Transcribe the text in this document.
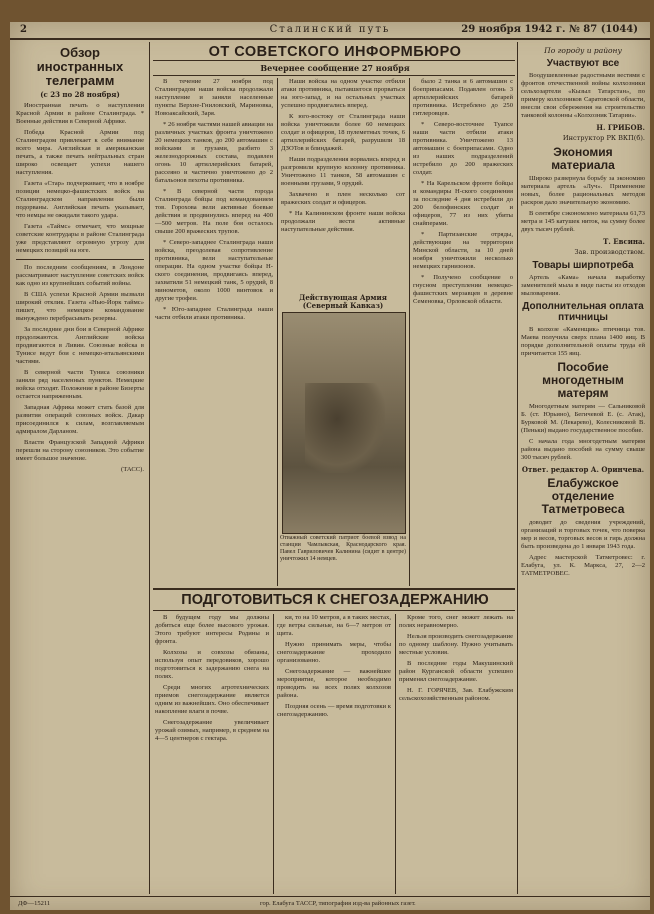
2	Сталинский путь	29 ноября 1942 г. № 87 (1044)
Обзор иностранных телеграмм
(с 23 по 28 ноября)

Иностранная печать о наступлении Красной Армии в районе Сталинграда. * Военные действия в Северной Африке.

Победа Красной Армии под Сталинградом привлекает к себе внимание всего мира. Английская и американская печать, а также печать нейтральных стран широко освещает успехи нашего наступления.

Газета «Стар» подчеркивает, что в ноябре позиции немецко-фашистских войск на Сталинградском направлении были подорваны. Английская печать указывает, что немцы не ожидали такого удара.

Газета «Таймс» отмечает, что мощные советские контрудары в районе Сталинграда уже представляют огромную угрозу для немецких позиций на юге.

По последним сообщениям, в Лондоне рассматривают наступление советских войск как одно из крупнейших событий войны.

В США успехи Красной Армии вызвали широкий отклик. Газета «Нью-Йорк таймс» пишет, что немецкое командование вынуждено перебрасывать резервы.

За последние дни бои в Северной Африке продолжаются. Английские войска продвигаются в Ливии. Союзные войска в Тунисе ведут бои с немецко-итальянскими частями.

В северной части Туниса союзники заняли ряд населенных пунктов. Немецкие войска отходят. Положение в районе Бизерты остается напряженным.

Западная Африка может стать базой для развития операций союзных войск. Дакар присоединился к силам, возглавляемым адмиралом Дарланом.

Власти Французской Западной Африки перешли на сторону союзников. Это событие имеет большое значение.

(ТАСС).

ОТ СОВЕТСКОГО ИНФОРМБЮРО
Вечернее сообщение 27 ноября

В течение 27 ноября под Сталинградом наши войска продолжали наступление и заняли населенные пункты Верхне-Гниловский, Мариновка, Новоаксайский, Заря.

* 26 ноября частями нашей авиации на различных участках фронта уничтожено 20 немецких танков, до 200 автомашин с войсками и грузами, разбито 3 железнодорожных состава, подавлен огонь 10 артиллерийских батарей, рассеяно и частично уничтожено до 2 батальонов пехоты противника.

* В северной части города Сталинграда бойцы под командованием тов. Горохова вели активные боевые действия и продвинулись вперед на 400—500 метров. На поле боя осталось свыше 200 вражеских трупов.

* Северо-западнее Сталинграда наши войска, преодолевая сопротивление противника, вели наступательные операции. На одном участке бойцы Н-ского соединения, продвигаясь вперед, захватили 51 немецкий танк, 5 орудий, 8 минометов, около 1000 винтовок и другие трофеи.

* Юго-западнее Сталинграда наши части отбили атаки противника.

Наши войска на одном участке отбили атаки противника, пытавшегося прорваться на юго-запад, и на остальных участках успешно продвигались вперед.

К юго-востоку от Сталинграда наши войска уничтожили более 60 немецких солдат и офицеров, 18 пулеметных точек, 6 артиллерийских батарей, разрушили 18 ДЗОТов и блиндажей.

Наши подразделения ворвались вперед и разгромили крупную колонну противника. Уничтожено 11 танков, 58 автомашин с военными грузами, 9 орудий.

Захвачено в плен несколько сот вражеских солдат и офицеров.

* На Калининском фронте наши войска продолжали вести активные наступательные действия.

было 2 танка и 6 автомашин с боеприпасами. Подавлен огонь 3 артиллерийских батарей противника. Истреблено до 250 гитлеровцев.

* Северо-восточнее Туапсе наши части отбили атаки противника. Уничтожено 13 автомашин с боеприпасами. Одно из наших подразделений истребило до 200 вражеских солдат.

* На Карельском фронте бойцы и командиры Н-ского соединения за последние 4 дня истребили до 200 белофинских солдат и офицеров, 77 из них убиты снайперами.

* Партизанские отряды, действующие на территории Минской области, за 10 дней ноября уничтожили несколько немецких гарнизонов.

* Получено сообщение о гнусном преступлении немецко-фашистских мерзавцев в деревне Семеновка, Орловской области.

Действующая Армия (Северный Кавказ)
Отважный советский патриот боевой взвод на станции Чамлыкская, Краснодарского края. Павел Гавриловичев Калинина (сидит в центре) уничтожил 14 немцев.
ПОДГОТОВИТЬСЯ К СНЕГОЗАДЕРЖАНИЮ

В будущем году мы должны добиться еще более высокого урожая. Этого требуют интересы Родины и фронта.

Колхозы и совхозы обязаны, используя опыт передовиков, хорошо подготовиться к задержанию снега на полях.

Среди многих агротехнических приемов снегозадержание является одним из важнейших. Оно обеспечивает накопление влаги в почве.

Снегозадержание увеличивает урожай озимых, например, в среднем на 4—5 центнеров с гектара.

ки, то на 10 метров, а в таких местах, где ветры сильные, на 6—7 метров от щита.

Нужно принимать меры, чтобы снегозадержание проходило организованно.

Снегозадержание — важнейшее мероприятие, которое необходимо проводить на всех полях колхозов района.

Поздняя осень — время подготовки к снегозадержанию.

Кроме того, снег может лежать на полях неравномерно.

Нельзя производить снегозадержание по одному шаблону. Нужно учитывать местные условия.

В последние годы Макушинский район Курганской области успешно применял снегозадержание.

Н. Г. ГОРЯЧЕВ, Зав. Елабужским сельскохозяйственным районом.

По городу и району
Участвуют все

Воодушевленные радостными вестями с фронтов отечественной войны колхозники сельхозартели «Кызыл Татарстан», по примеру колхозников Саратовской области, внесли свои сбережения на строительство танковой колонны «Колхозник Татарии».

Н. ГРИБОВ.
Инструктор РК ВКП(б).
Экономия материала

Широко развернула борьбу за экономию материала артель «Луч». Применение новых, более рациональных методов раскроя дало значительную экономию.

В сентябре сэкономлено материала 61,73 метра и 145 катушек ниток, на сумму более двух тысяч рублей.

Т. Евсина.
Зав. производством.
Товары ширпотреба

Артель «Кама» начала выработку заменителей мыла в виде пасты из отходов мыловарения.

Дополнительная оплата птичницы

В колхозе «Каменщик» птичница тов. Маева получила сверх плана 1400 яиц. В порядке дополнительной оплаты труда ей причитается 155 яиц.

Пособие многодетным матерям

Многодетным матерям — Сальниковой Б. (ст. Юрьино), Бегичевой Е. (с. Атак), Бурковой М. (Лекарево), Колесниковой В. (Пеньки) выдано государственное пособие.

С начала года многодетным матерям района выдано пособий на сумму свыше 300 тысяч рублей.

Ответ. редактор А. Оринчева.
Елабужское отделение Татметровеса

доводит до сведения учреждений, организаций и торговых точек, что поверка мер и весов, торговых весов и гирь должна быть произведена до 1 января 1943 года.

Адрес мастерской Татметровес: г. Елабуга, ул. К. Маркса, 27, 2—2 ТАТМЕТРОВЕС.

ДФ—15211	гор. Елабуга ТАССР, типография изд-ва районных газет.
